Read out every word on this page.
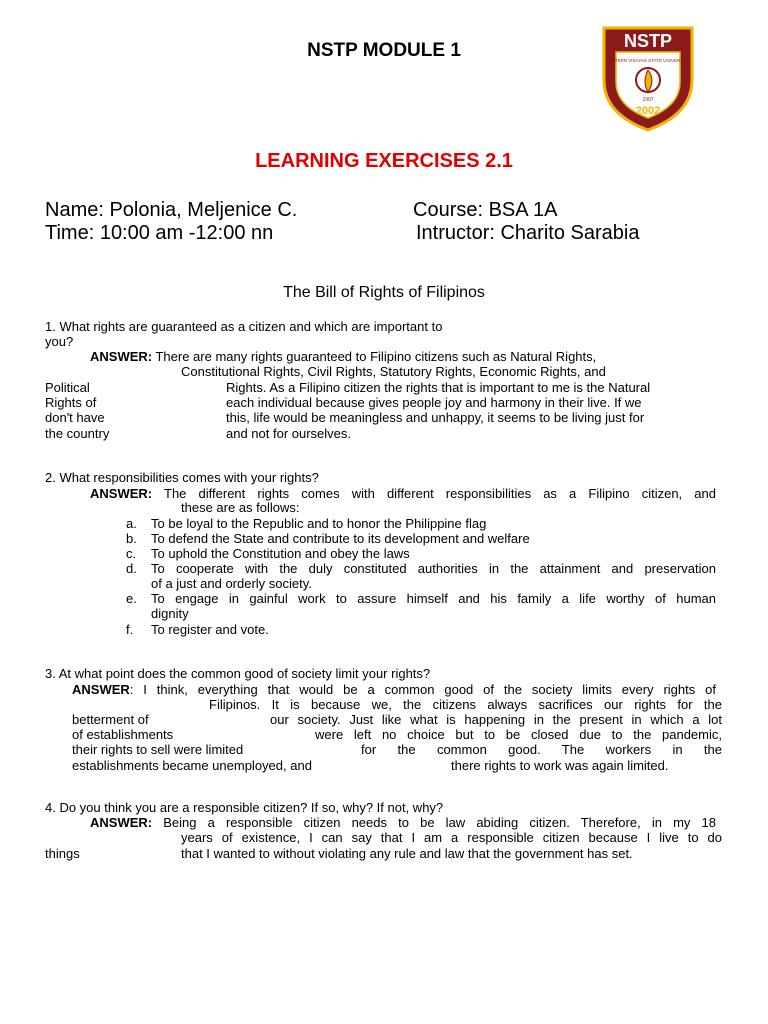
NSTP MODULE 1	NSTP
EASTERN VISAYAS STATE UNIVERSITY
1907
2002
LEARNING EXERCISES 2.1
Name: Polonia, Meljenice C.	Course: BSA 1A
Time: 10:00 am -12:00 nn	Intructor: Charito Sarabia
The Bill of Rights of Filipinos
1. What rights are guaranteed as a citizen and which are important to
you?
ANSWER: There are many rights guaranteed to Filipino citizens such as Natural Rights,
Constitutional Rights, Civil Rights, Statutory Rights, Economic Rights, and
Political	Rights. As a Filipino citizen the rights that is important to me is the Natural
Rights of	each individual because gives people joy and harmony in their live. If we
don't have	this, life would be meaningless and unhappy, it seems to be living just for
the country	and not for ourselves.
2. What responsibilities comes with your rights?
ANSWER: The different rights comes with different responsibilities as a Filipino citizen, and
these are as follows:
a. To be loyal to the Republic and to honor the Philippine flag
b. To defend the State and contribute to its development and welfare
c. To uphold the Constitution and obey the laws
d. To cooperate with the duly constituted authorities in the attainment and preservation
of a just and orderly society.
e. To engage in gainful work to assure himself and his family a life worthy of human
dignity
f. To register and vote.
3. At what point does the common good of society limit your rights?
ANSWER: I think, everything that would be a common good of the society limits every rights of
Filipinos. It is because we, the citizens always sacrifices our rights for the
betterment of	our society. Just like what is happening in the present in which a lot
of establishments	were left no choice but to be closed due to the pandemic,
their rights to sell were limited	for the common good. The workers in the
establishments became unemployed, and	there rights to work was again limited.
4. Do you think you are a responsible citizen? If so, why? If not, why?
ANSWER: Being a responsible citizen needs to be law abiding citizen. Therefore, in my 18
years of existence, I can say that I am a responsible citizen because I live to do
things	that I wanted to without violating any rule and law that the government has set.
